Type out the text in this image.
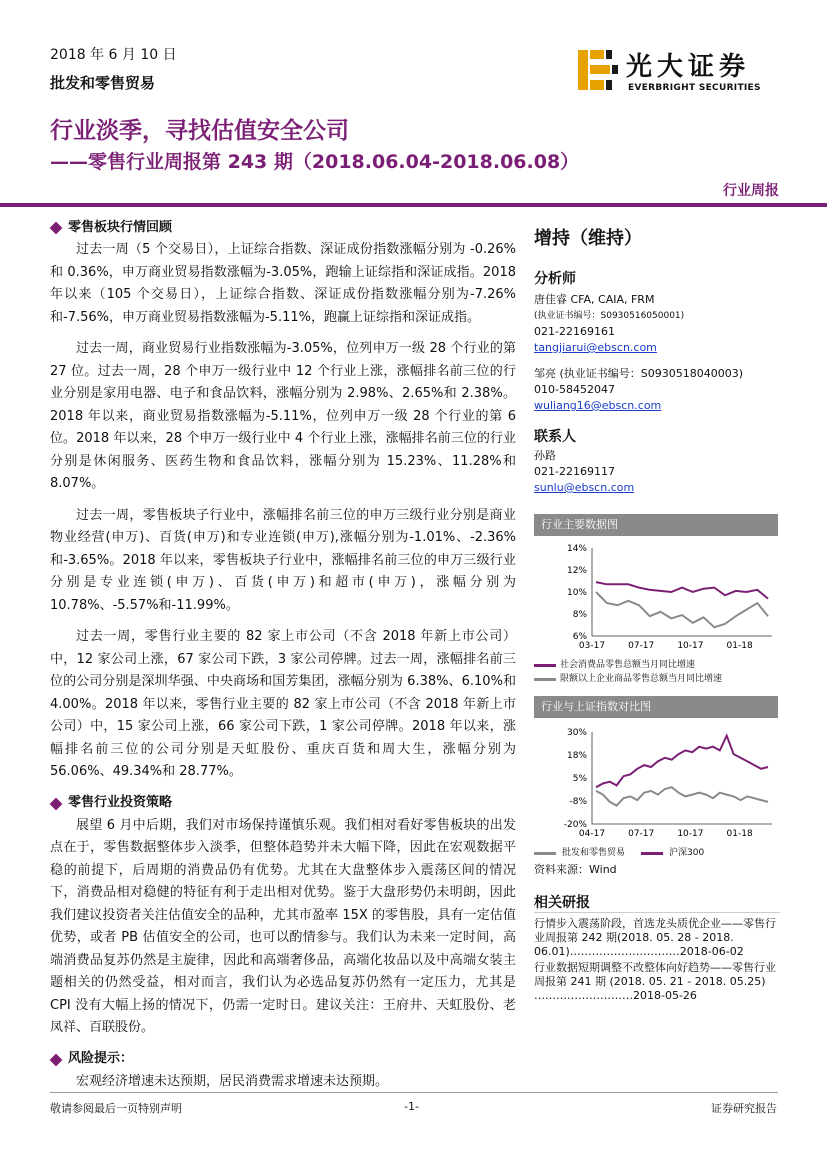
2018 年 6 月 10 日
批发和零售贸易
光大证券
EVERBRIGHT SECURITIES
行业淡季，寻找估值安全公司
——零售行业周报第 243 期（2018.06.04-2018.06.08）
行业周报
零售板块行情回顾

过去一周（5 个交易日），上证综合指数、深证成份指数涨幅分别为 -0.26%和 0.36%，申万商业贸易指数涨幅为-3.05%，跑输上证综指和深证成指。2018 年以来（105 个交易日），上证综合指数、深证成份指数涨幅分别为-7.26%和-7.56%，申万商业贸易指数涨幅为-5.11%，跑赢上证综指和深证成指。

过去一周，商业贸易行业指数涨幅为-3.05%，位列申万一级 28 个行业的第 27 位。过去一周，28 个申万一级行业中 12 个行业上涨，涨幅排名前三位的行业分别是家用电器、电子和食品饮料，涨幅分别为 2.98%、2.65%和 2.38%。2018 年以来，商业贸易指数涨幅为-5.11%，位列申万一级 28 个行业的第 6 位。2018 年以来，28 个申万一级行业中 4 个行业上涨，涨幅排名前三位的行业分别是休闲服务、医药生物和食品饮料，涨幅分别为 15.23%、11.28%和 8.07%。

过去一周，零售板块子行业中，涨幅排名前三位的申万三级行业分别是商业物业经营(申万)、百货(申万)和专业连锁(申万),涨幅分别为-1.01%、-2.36%和-3.65%。2018 年以来，零售板块子行业中，涨幅排名前三位的申万三级行业分别是专业连锁(申万)、百货(申万)和超市(申万)，涨幅分别为 10.78%、-5.57%和-11.99%。

过去一周，零售行业主要的 82 家上市公司（不含 2018 年新上市公司）中，12 家公司上涨，67 家公司下跌，3 家公司停牌。过去一周，涨幅排名前三位的公司分别是深圳华强、中央商场和国芳集团，涨幅分别为 6.38%、6.10%和 4.00%。2018 年以来，零售行业主要的 82 家上市公司（不含 2018 年新上市公司）中，15 家公司上涨，66 家公司下跌，1 家公司停牌。2018 年以来，涨幅排名前三位的公司分别是天虹股份、重庆百货和周大生，涨幅分别为 56.06%、49.34%和 28.77%。

零售行业投资策略

展望 6 月中后期，我们对市场保持谨慎乐观。我们相对看好零售板块的出发点在于，零售数据整体步入淡季，但整体趋势并未大幅下降，因此在宏观数据平稳的前提下，后周期的消费品仍有优势。尤其在大盘整体步入震荡区间的情况下，消费品相对稳健的特征有利于走出相对优势。鉴于大盘形势仍未明朗，因此我们建议投资者关注估值安全的品种，尤其市盈率 15X 的零售股，具有一定估值优势，或者 PB 估值安全的公司，也可以酌情参与。我们认为未来一定时间，高端消费品复苏仍然是主旋律，因此和高端奢侈品，高端化妆品以及中高端女装主题相关的仍然受益，相对而言，我们认为必选品复苏仍然有一定压力，尤其是 CPI 没有大幅上扬的情况下，仍需一定时日。建议关注：王府井、天虹股份、老凤祥、百联股份。

风险提示：

宏观经济增速未达预期，居民消费需求增速未达预期。

增持（维持）
分析师
唐佳睿 CFA, CAIA, FRM
(执业证书编号：S0930516050001)
021-22169161
tangjiarui@ebscn.com
邹亮 (执业证书编号：S0930518040003)
010-58452047
wuliang16@ebscn.com
联系人
孙路
021-22169117
sunlu@ebscn.com
行业主要数据图
14%
12%
10%
8%
6%
03-17	07-17	10-17	01-18
社会消费品零售总额当月同比增速
限额以上企业商品零售总额当月同比增速
行业与上证指数对比图
30%
18%
5%
-8%
-20%
04-17	07-17	10-17	01-18
批发和零售贸易	沪深300
资料来源：Wind
相关研报
行情步入震荡阶段，首选龙头质优企业——零售行业周报第 242 期(2018. 05. 28 - 2018. 06.01)…………………………2018-06-02
行业数据短期调整不改整体向好趋势——零售行业周报第 241 期 (2018. 05. 21 - 2018. 05.25) ………………………2018-05-26
敬请参阅最后一页特别声明	-1-	证券研究报告
